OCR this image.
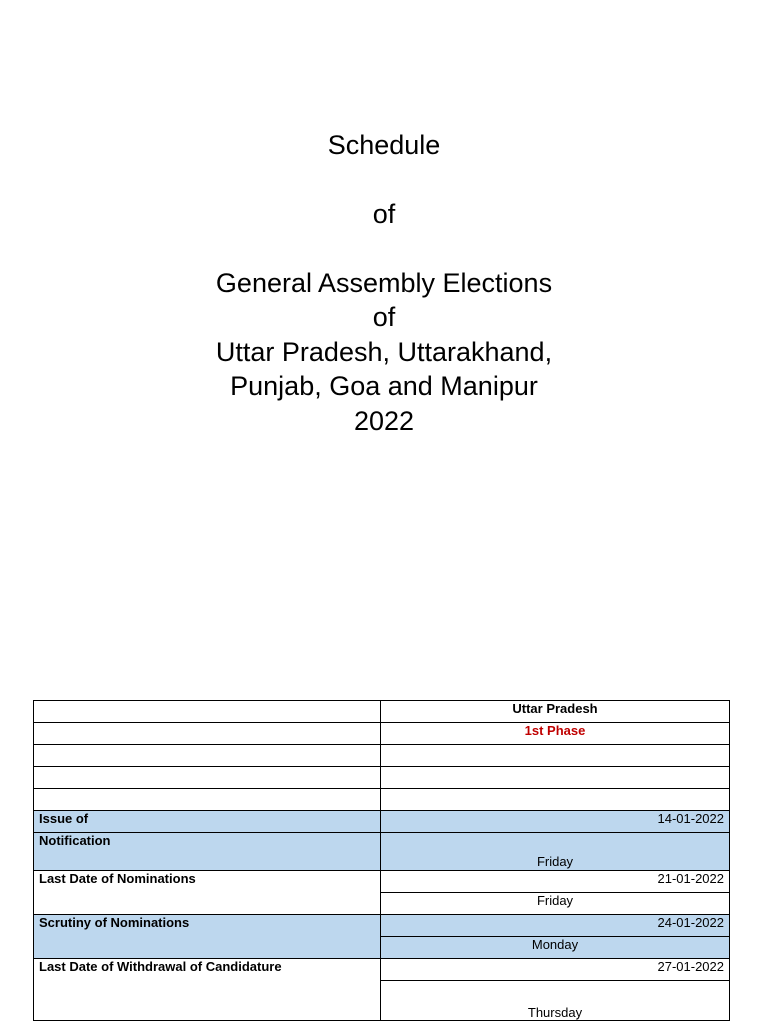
Schedule
of
General Assembly Elections
of
Uttar Pradesh, Uttarakhand,
Punjab, Goa and Manipur
2022
	Uttar Pradesh
	1st Phase

Issue of	14-01-2022
Notification	Friday
Last Date of Nominations	21-01-2022
	Friday
Scrutiny of Nominations	24-01-2022
	Monday
Last Date of Withdrawal of Candidature	27-01-2022
	Thursday
